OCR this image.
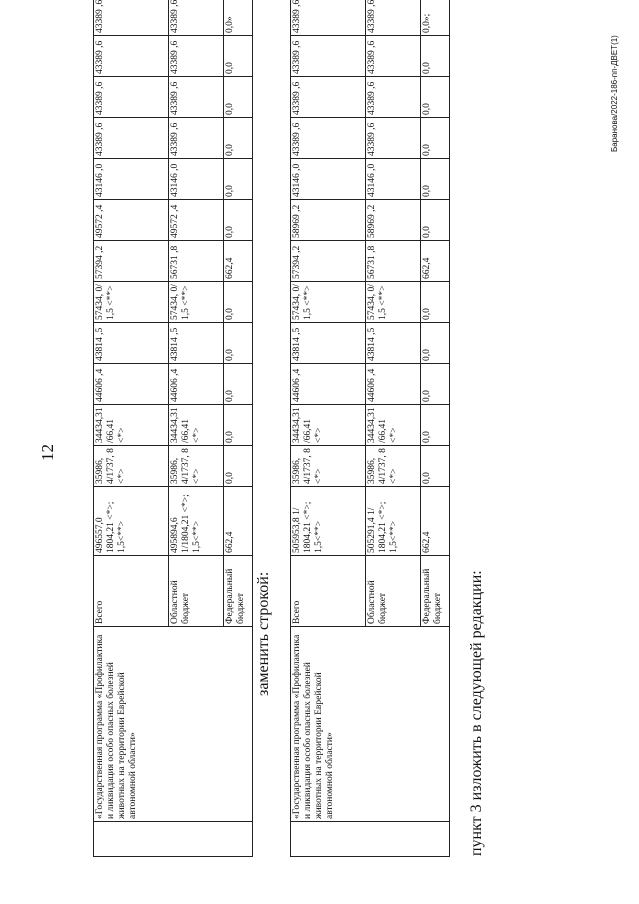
12
	«Государственная программа «Профилактика и ликвидация особо опасных болезней животных на территории Еврейской автономной области»	Всего	496557,0 1804,21 <*>; 1,5<**>	35986, 4/1737, 8 <*>	34434,31 /66,41 <*>	44606 ,4	43814 ,5	57434, 0/ 1,5 <**>	57394 ,2	49572 ,4	43146 ,0	43389 ,6	43389 ,6	43389 ,6	43389 ,6
		Областной бюджет	495894,6 1/1804,21 <*>; 1,5<**>	35986, 4/1737, 8 <*>	34434,31 /66,41 <*>	44606 ,4	43814 ,5	57434, 0/ 1,5 <**>	56731 ,8	49572 ,4	43146 ,0	43389 ,6	43389 ,6	43389 ,6	43389 ,6
		Федеральный бюджет	662,4	0,0	0,0	0,0	0,0	0,0	662,4	0,0	0,0	0,0	0,0	0,0	0,0»
заменить строкой:
	«Государственная программа «Профилактика и ликвидация особо опасных болезней животных на территории Еврейской автономной области»	Всего	505953,8 1/ 1804,21 <*>; 1,5<**>	35986, 4/1737, 8 <*>	34434,31 /66,41 <*>	44606 ,4	43814 ,5	57434, 0/ 1,5 <**>	57394 ,2	58969 ,2	43146 ,0	43389 ,6	43389 ,6	43389 ,6	43389 ,6
		Областной бюджет	505291,4 1/ 1804,21 <*>; 1,5<**>	35986, 4/1737, 8 <*>	34434,31 /66,41 <*>	44606 ,4	43814 ,5	57434, 0/ 1,5 <**>	56731 ,8	58969 ,2	43146 ,0	43389 ,6	43389 ,6	43389 ,6	43389 ,6
		Федеральный бюджет	662,4	0,0	0,0	0,0	0,0	0,0	662,4	0,0	0,0	0,0	0,0	0,0	0,0»;
пункт 3 изложить в следующей редакции:
Баранова/2022-186-пп-ДВЕТ(1)
